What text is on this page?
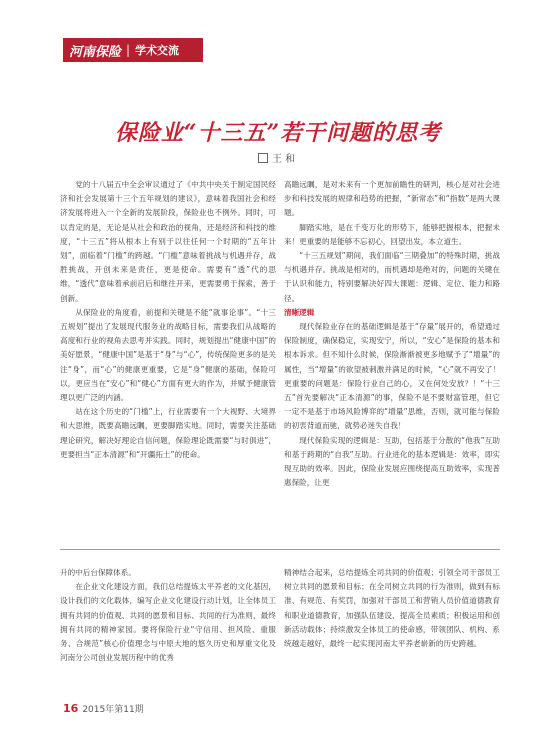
河南保险 | 学术交流
保险业“十三五”若干问题的思考
王 和

党的十八届五中全会审议通过了《中共中央关于制定国民经济和社会发展第十三个五年规划的建议》，意味着我国社会和经济发展将进入一个全新的发展阶段，保险业也不例外。同时，可以肯定的是，无论是从社会和政治的视角，还是经济和科技的维度，“十三五”将从根本上有别于以往任何一个时期的“五年计划”，面临着“门槛”的跨越。“门槛”意味着挑战与机遇并存，战胜挑战，开创未来是责任，更是使命。需要有“透”代的思维，“透代”意味着承前启后和继往开来，更需要勇于探索，善于创新。

从保险业的角度看，前提和关键是不能“就事论事”。“十三五规划”提出了发展现代服务业的战略目标，需要我们从战略的高度和行业的视角去思考并实践。同时，规划提出“健康中国”的美好愿景，“健康中国”是基于“身”与“心”，传统保险更多的是关注“身”，而“心”的健康更重要，它是“身”健康的基础，保险可以，更应当在“安心”和“健心”方面有更大的作为，并赋予健康管理以更广泛的内涵。

站在这个历史的“门槛”上，行业需要有一个大视野、大境界和大思维，既要高瞻远瞩，更要脚踏实地。同时，需要关注基础理论研究，解决好理论自信问题，保险理论既需要“与时俱进”，更要担当“正本清源”和“开疆拓土”的使命。

高瞻远瞩，是对未来有一个更加前瞻性的研判，核心是对社会进步和科技发展的规律和趋势的把握，“新常态”和“指数”是两大课题。

脚踏实地，是在千变万化的形势下，能够把握根本，把握未来！更重要的是能够不忘初心，回望出发，本立道生。

“十三五规划”期间，我们面临“三期叠加”的特殊时期，挑战与机遇并存。挑战是相对的，而机遇却是绝对的，问题的关键在于认识和能力，特别要解决好四大课题：逻辑、定位、能力和路径。

清晰逻辑

现代保险业存在的基础逻辑是基于“存量”展开的，希望通过保险制度，确保稳定，实现安宁，所以，“安心”是保险的基本和根本诉求。但不知什么时候，保险渐渐被更多地赋予了“增量”的属性，当“增量”的欲望被刺激并满足的时候，“心”就不再安了！更重要的问题是：保险行业自己的心，又在何处安放？！“十三五”首先要解决“正本清源”的事，保险不是不要财富管理，但它一定不是基于市场风险博弈的“增量”思维，否则，就可能与保险的初衷背道而驰，就势必迷失自我！

现代保险实现的逻辑是：互助，包括基于分散的“他我”互助和基于跨期的“自我”互助。行业进化的基本逻辑是：效率，即实现互助的效率。因此，保险业发展应围绕提高互助效率，实现普惠保险，让更

升的中后台保障体系。

在企业文化建设方面，我们总结提炼太平养老的文化基因，设计我们的文化载体，编写企业文化建设行动计划，让全体员工拥有共同的价值观、共同的愿景和目标、共同的行为准则，最终拥有共同的精神家园。要将保险行业“守信用、担风险、重服务、合规范”核心价值理念与中原大地的悠久历史和厚重文化及河南分公司创业发展历程中的优秀

精神结合起来，总结提炼全司共同的价值观；引领全司干部员工树立共同的愿景和目标；在全司树立共同的行为准则，做到有标准、有规范、有奖罚，加强对干部员工和营销人员价值道德教育和职业道德教育，加强队伍建设、提高全员素质；积极运用和创新活动载体；持续激发全体员工的使命感，带领团队、机构、系统越走越好，最终一起实现河南太平养老崭新的历史跨越。

16 2015年第11期
